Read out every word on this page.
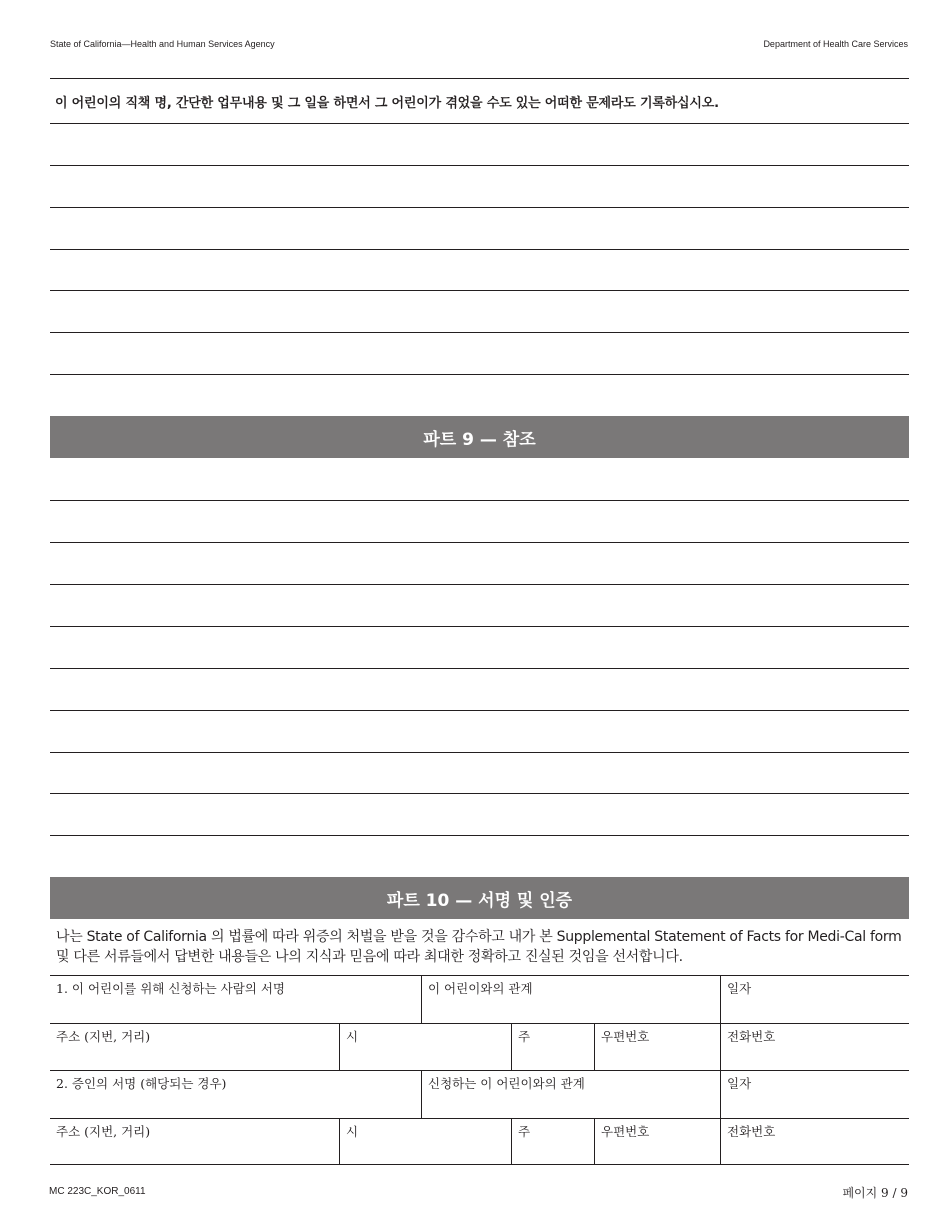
State of California—Health and Human Services Agency	Department of Health Care Services
이 어린이의 직책 명, 간단한 업무내용 및 그 일을 하면서 그 어린이가 겪었을 수도 있는 어떠한 문제라도 기록하십시오.
파트 9 — 참조
파트 10 — 서명 및 인증
나는 State of California 의 법률에 따라 위증의 처벌을 받을 것을 감수하고 내가 본 Supplemental Statement of Facts for Medi-Cal form 및 다른 서류들에서 답변한 내용들은 나의 지식과 믿음에 따라 최대한 정확하고 진실된 것임을 선서합니다.
1. 이 어린이를 위해 신청하는 사람의 서명	이 어린이와의 관계	일자
주소 (지번, 거리)	시	주	우편번호	전화번호
2. 증인의 서명 (해당되는 경우)	신청하는 이 어린이와의 관계	일자
주소 (지번, 거리)	시	주	우편번호	전화번호
MC 223C_KOR_0611	페이지 9 / 9
